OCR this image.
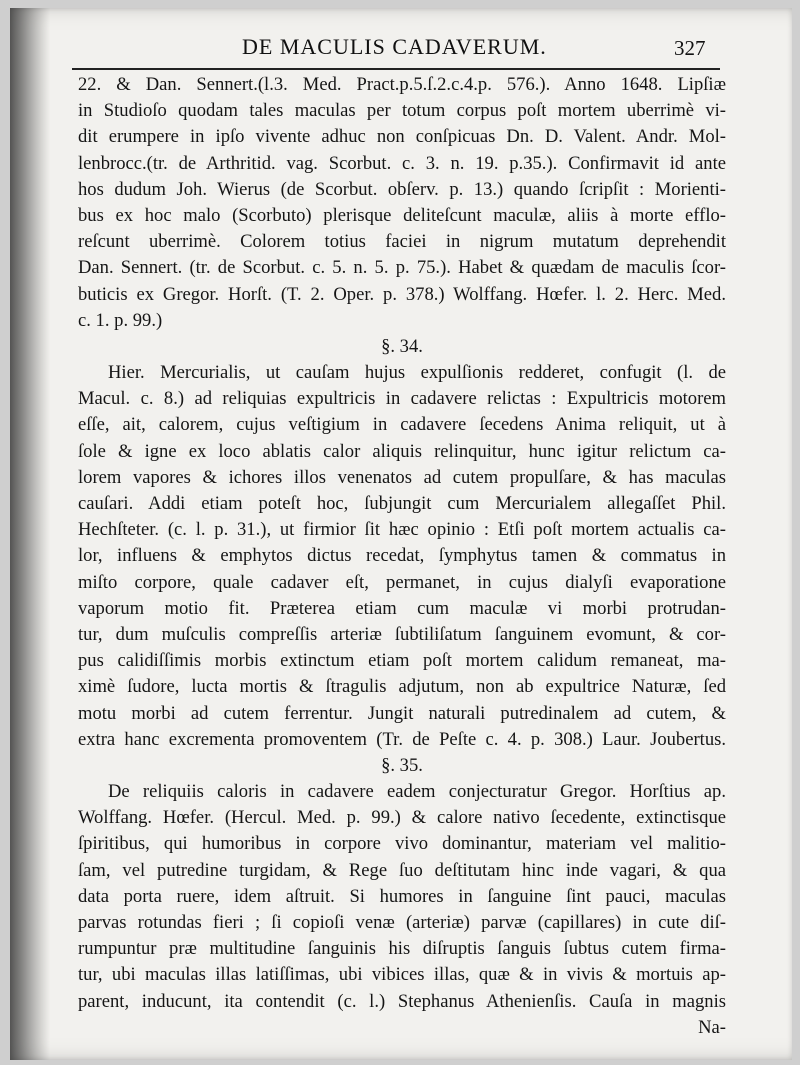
DE MACULIS CADAVERUM.	327
22. & Dan. Sennert.(l.3. Med. Pract.p.5.ſ.2.c.4.p. 576.). Anno 1648. Lipſiæ
in Studioſo quodam tales maculas per totum corpus poſt mortem uberrimè vi-
dit erumpere in ipſo vivente adhuc non conſpicuas Dn. D. Valent. Andr. Mol-
lenbrocc.(tr. de Arthritid. vag. Scorbut. c. 3. n. 19. p.35.). Confirmavit id ante
hos dudum Joh. Wierus (de Scorbut. obſerv. p. 13.) quando ſcripſit : Morienti-
bus ex hoc malo (Scorbuto) plerisque deliteſcunt maculæ, aliis à morte efflo-
reſcunt uberrimè. Colorem totius faciei in nigrum mutatum deprehendit
Dan. Sennert. (tr. de Scorbut. c. 5. n. 5. p. 75.). Habet & quædam de maculis ſcor-
buticis ex Gregor. Horſt. (T. 2. Oper. p. 378.) Wolffang. Hœfer. l. 2. Herc. Med.
c. 1. p. 99.)
§. 34.
Hier. Mercurialis, ut cauſam hujus expulſionis redderet, confugit (l. de
Macul. c. 8.) ad reliquias expultricis in cadavere relictas : Expultricis motorem
eſſe, ait, calorem, cujus veſtigium in cadavere ſecedens Anima reliquit, ut à
ſole & igne ex loco ablatis calor aliquis relinquitur, hunc igitur relictum ca-
lorem vapores & ichores illos venenatos ad cutem propulſare, & has maculas
cauſari. Addi etiam poteſt hoc, ſubjungit cum Mercurialem allegaſſet Phil.
Hechſteter. (c. l. p. 31.), ut firmior ſit hæc opinio : Etſi poſt mortem actualis ca-
lor, influens & emphytos dictus recedat, ſymphytus tamen & commatus in
miſto corpore, quale cadaver eſt, permanet, in cujus dialyſi evaporatione
vaporum motio fit. Præterea etiam cum maculæ vi morbi protrudan-
tur, dum muſculis compreſſis arteriæ ſubtiliſatum ſanguinem evomunt, & cor-
pus calidiſſimis morbis extinctum etiam poſt mortem calidum remaneat, ma-
ximè ſudore, lucta mortis & ſtragulis adjutum, non ab expultrice Naturæ, ſed
motu morbi ad cutem ferrentur. Jungit naturali putredinalem ad cutem, &
extra hanc excrementa promoventem (Tr. de Peſte c. 4. p. 308.) Laur. Joubertus.
§. 35.
De reliquiis caloris in cadavere eadem conjecturatur Gregor. Horſtius ap.
Wolffang. Hœfer. (Hercul. Med. p. 99.) & calore nativo ſecedente, extinctisque
ſpiritibus, qui humoribus in corpore vivo dominantur, materiam vel malitio-
ſam, vel putredine turgidam, & Rege ſuo deſtitutam hinc inde vagari, & qua
data porta ruere, idem aſtruit. Si humores in ſanguine ſint pauci, maculas
parvas rotundas fieri ; ſi copioſi venæ (arteriæ) parvæ (capillares) in cute diſ-
rumpuntur præ multitudine ſanguinis his diſruptis ſanguis ſubtus cutem firma-
tur, ubi maculas illas latiſſimas, ubi vibices illas, quæ & in vivis & mortuis ap-
parent, inducunt, ita contendit (c. l.) Stephanus Athenienſis. Cauſa in magnis
Na-
